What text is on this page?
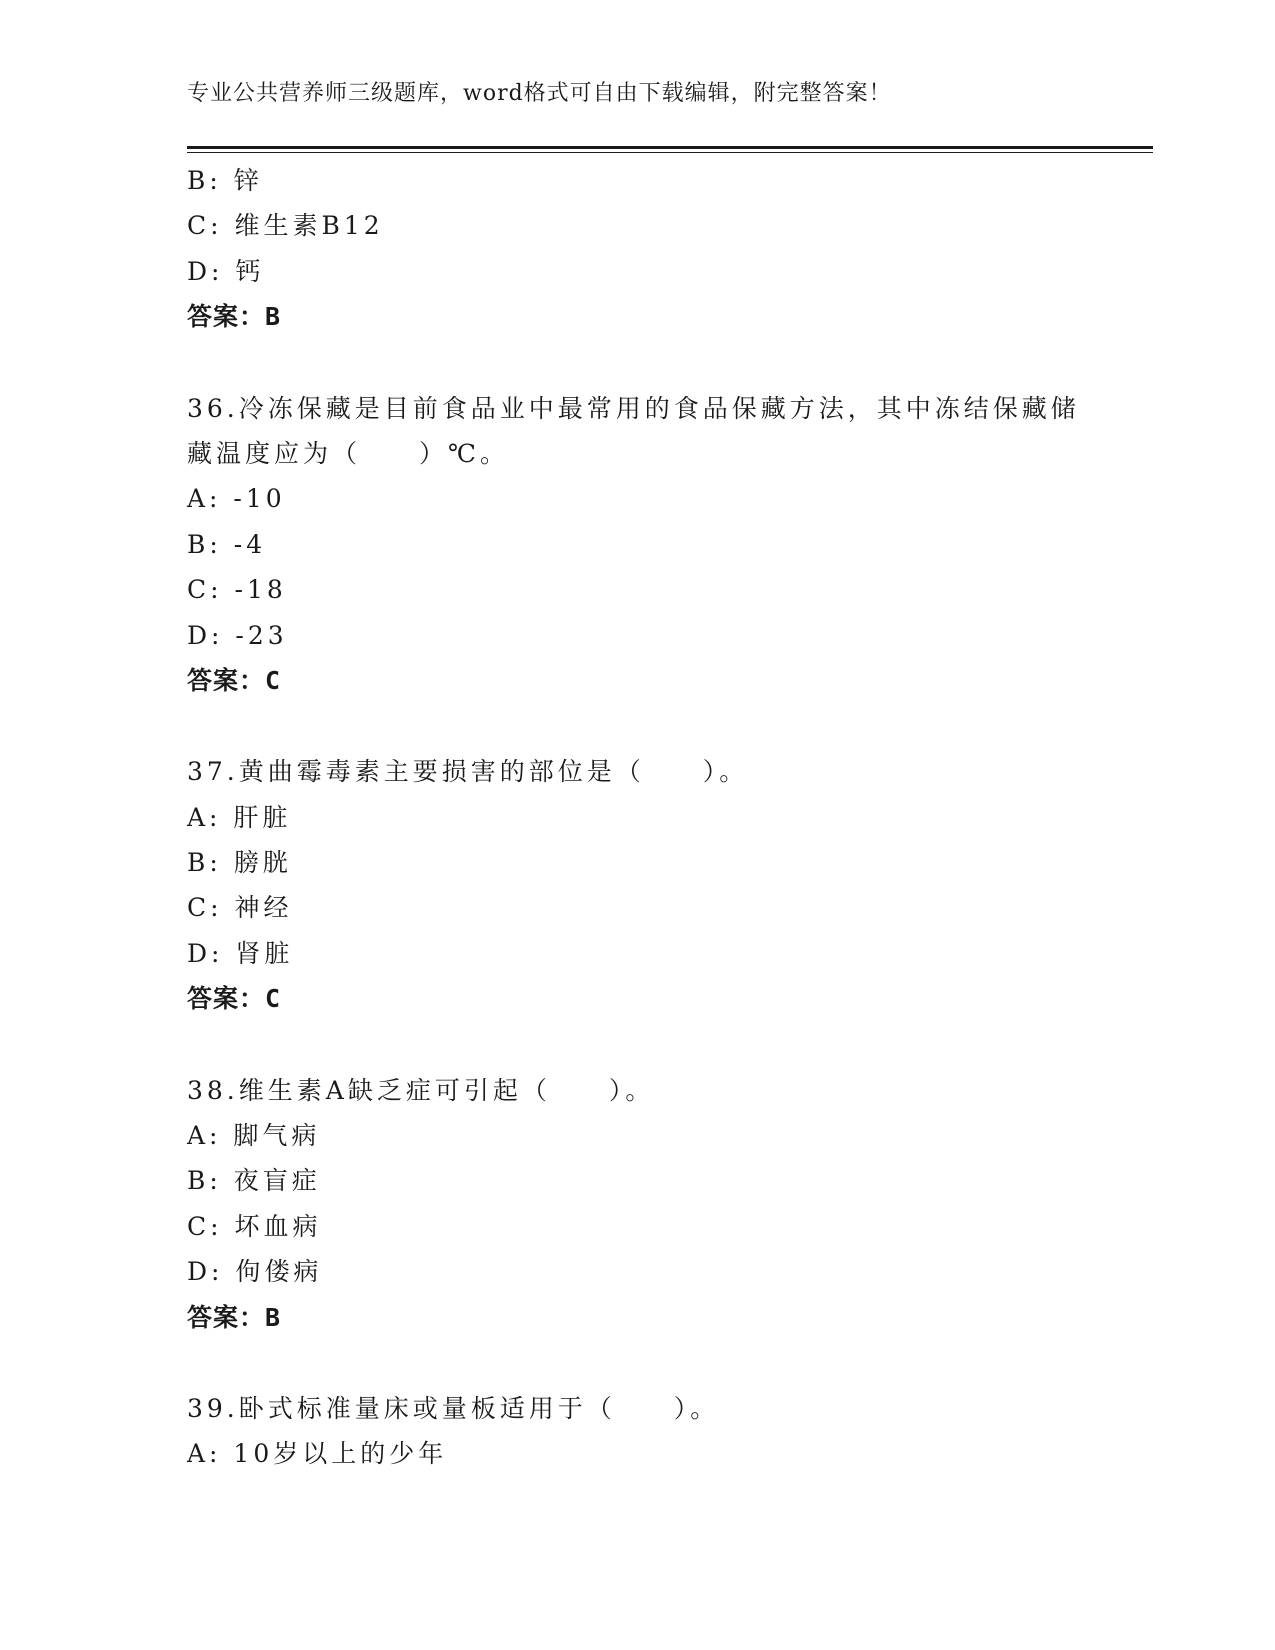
专业公共营养师三级题库，word格式可自由下载编辑，附完整答案！
B: 锌
C: 维生素B12
D: 钙
答案：B
36.冷冻保藏是目前食品业中最常用的食品保藏方法，其中冻结保藏储
藏温度应为（　　）℃。
A: -10
B: -4
C: -18
D: -23
答案：C
37.黄曲霉毒素主要损害的部位是（　　）。
A: 肝脏
B: 膀胱
C: 神经
D: 肾脏
答案：C
38.维生素A缺乏症可引起（　　）。
A: 脚气病
B: 夜盲症
C: 坏血病
D: 佝偻病
答案：B
39.卧式标准量床或量板适用于（　　）。
A: 10岁以上的少年
